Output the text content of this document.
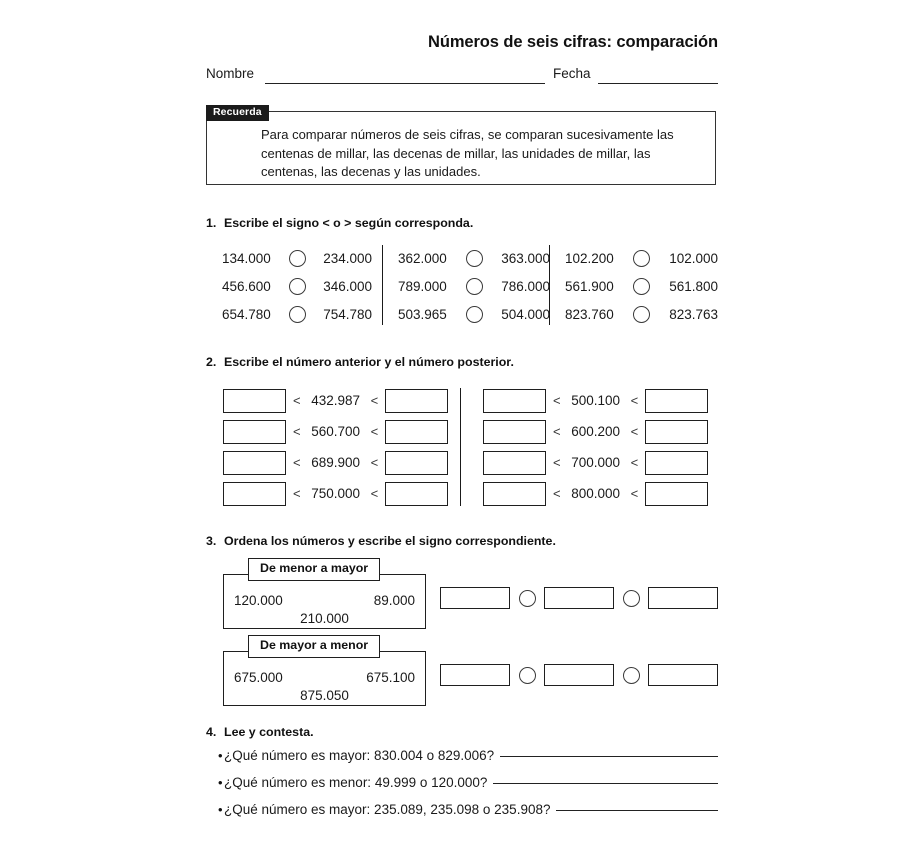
Números de seis cifras: comparación
Nombre	Fecha
Recuerda
Para comparar números de seis cifras, se comparan sucesivamente las centenas de millar, las decenas de millar, las unidades de millar, las centenas, las decenas y las unidades.
1. Escribe el signo < o > según corresponda.
134.000	234.000
456.600	346.000
654.780	754.780
362.000	363.000
789.000	786.000
503.965	504.000
102.200	102.000
561.900	561.800
823.760	823.763
2. Escribe el número anterior y el número posterior.
< 432.987 <
< 560.700 <
< 689.900 <
< 750.000 <
< 500.100 <
< 600.200 <
< 700.000 <
< 800.000 <
3. Ordena los números y escribe el signo correspondiente.
120.000	89.000
210.000
De menor a mayor
675.000	675.100
875.050
De mayor a menor
4. Lee y contesta.
• ¿Qué número es mayor: 830.004 o 829.006?
• ¿Qué número es menor: 49.999 o 120.000?
• ¿Qué número es mayor: 235.089, 235.098 o 235.908?
